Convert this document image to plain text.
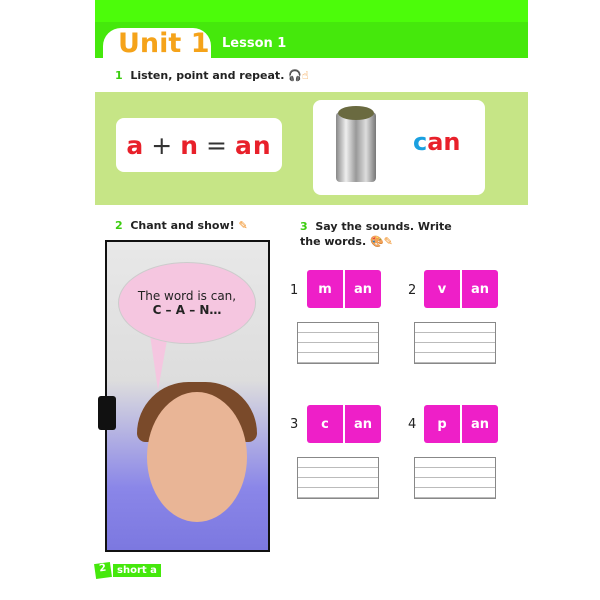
Unit 1 Lesson 1
1 Listen, point and repeat. 🎧☝
a + n = an	can
2 Chant and show! ✎
The word is can,
C – A – N…
3 Say the sounds. Write the words. 🎨✎
1	m	an	2	v	an
3	c	an	4	p	an
2	short a
